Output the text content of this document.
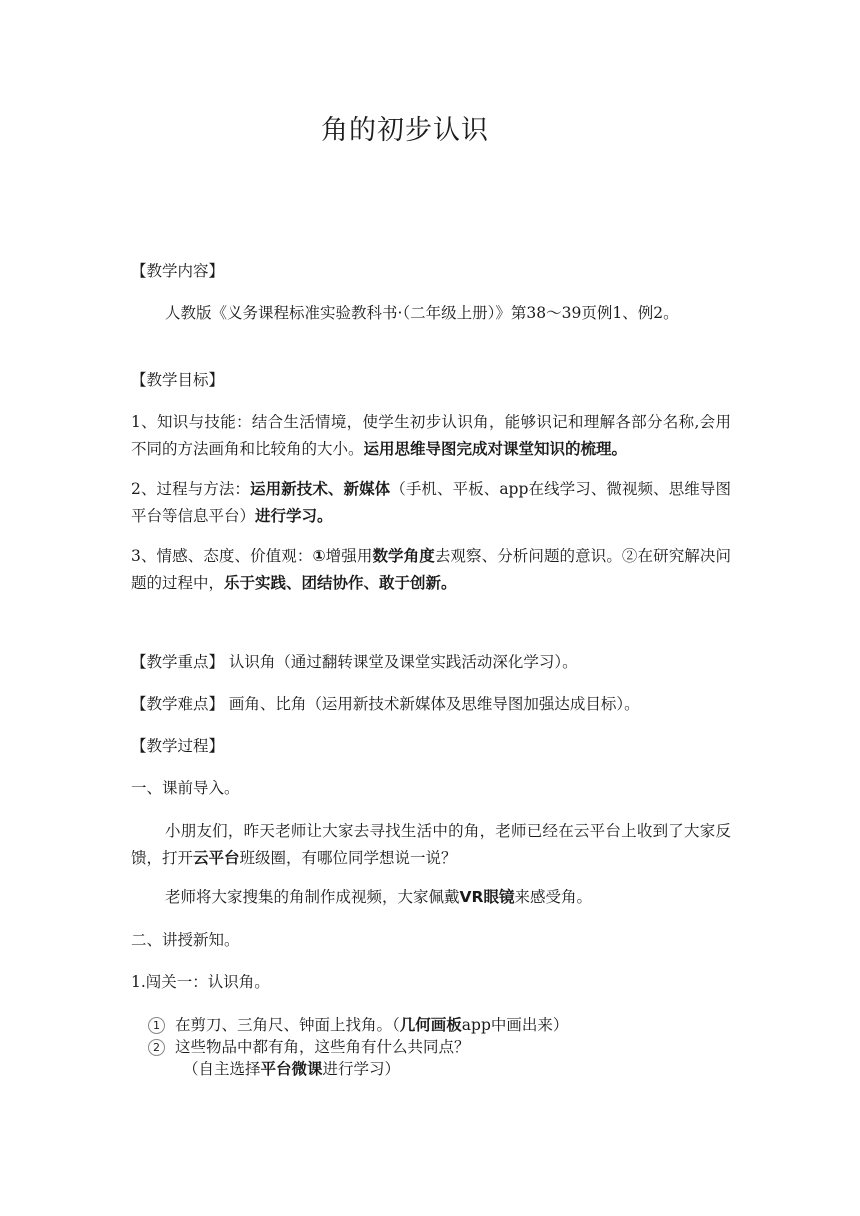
角的初步认识
【教学内容】
人教版《义务课程标准实验教科书·（二年级上册）》第38～39页例1、例2。
【教学目标】
1、知识与技能：结合生活情境，使学生初步认识角，能够识记和理解各部分名称,会用不同的方法画角和比较角的大小。运用思维导图完成对课堂知识的梳理。
2、过程与方法：运用新技术、新媒体（手机、平板、app在线学习、微视频、思维导图平台等信息平台）进行学习。
3、情感、态度、价值观：①增强用数学角度去观察、分析问题的意识。②在研究解决问题的过程中，乐于实践、团结协作、敢于创新。
【教学重点】 认识角（通过翻转课堂及课堂实践活动深化学习）。
【教学难点】 画角、比角（运用新技术新媒体及思维导图加强达成目标）。
【教学过程】
一、课前导入。
小朋友们，昨天老师让大家去寻找生活中的角，老师已经在云平台上收到了大家反馈，打开云平台班级圈，有哪位同学想说一说？
老师将大家搜集的角制作成视频，大家佩戴VR眼镜来感受角。
二、讲授新知。
1.闯关一：认识角。
1 在剪刀、三角尺、钟面上找角。（几何画板app中画出来）
2 这些物品中都有角，这些角有什么共同点？
（自主选择平台微课进行学习）
